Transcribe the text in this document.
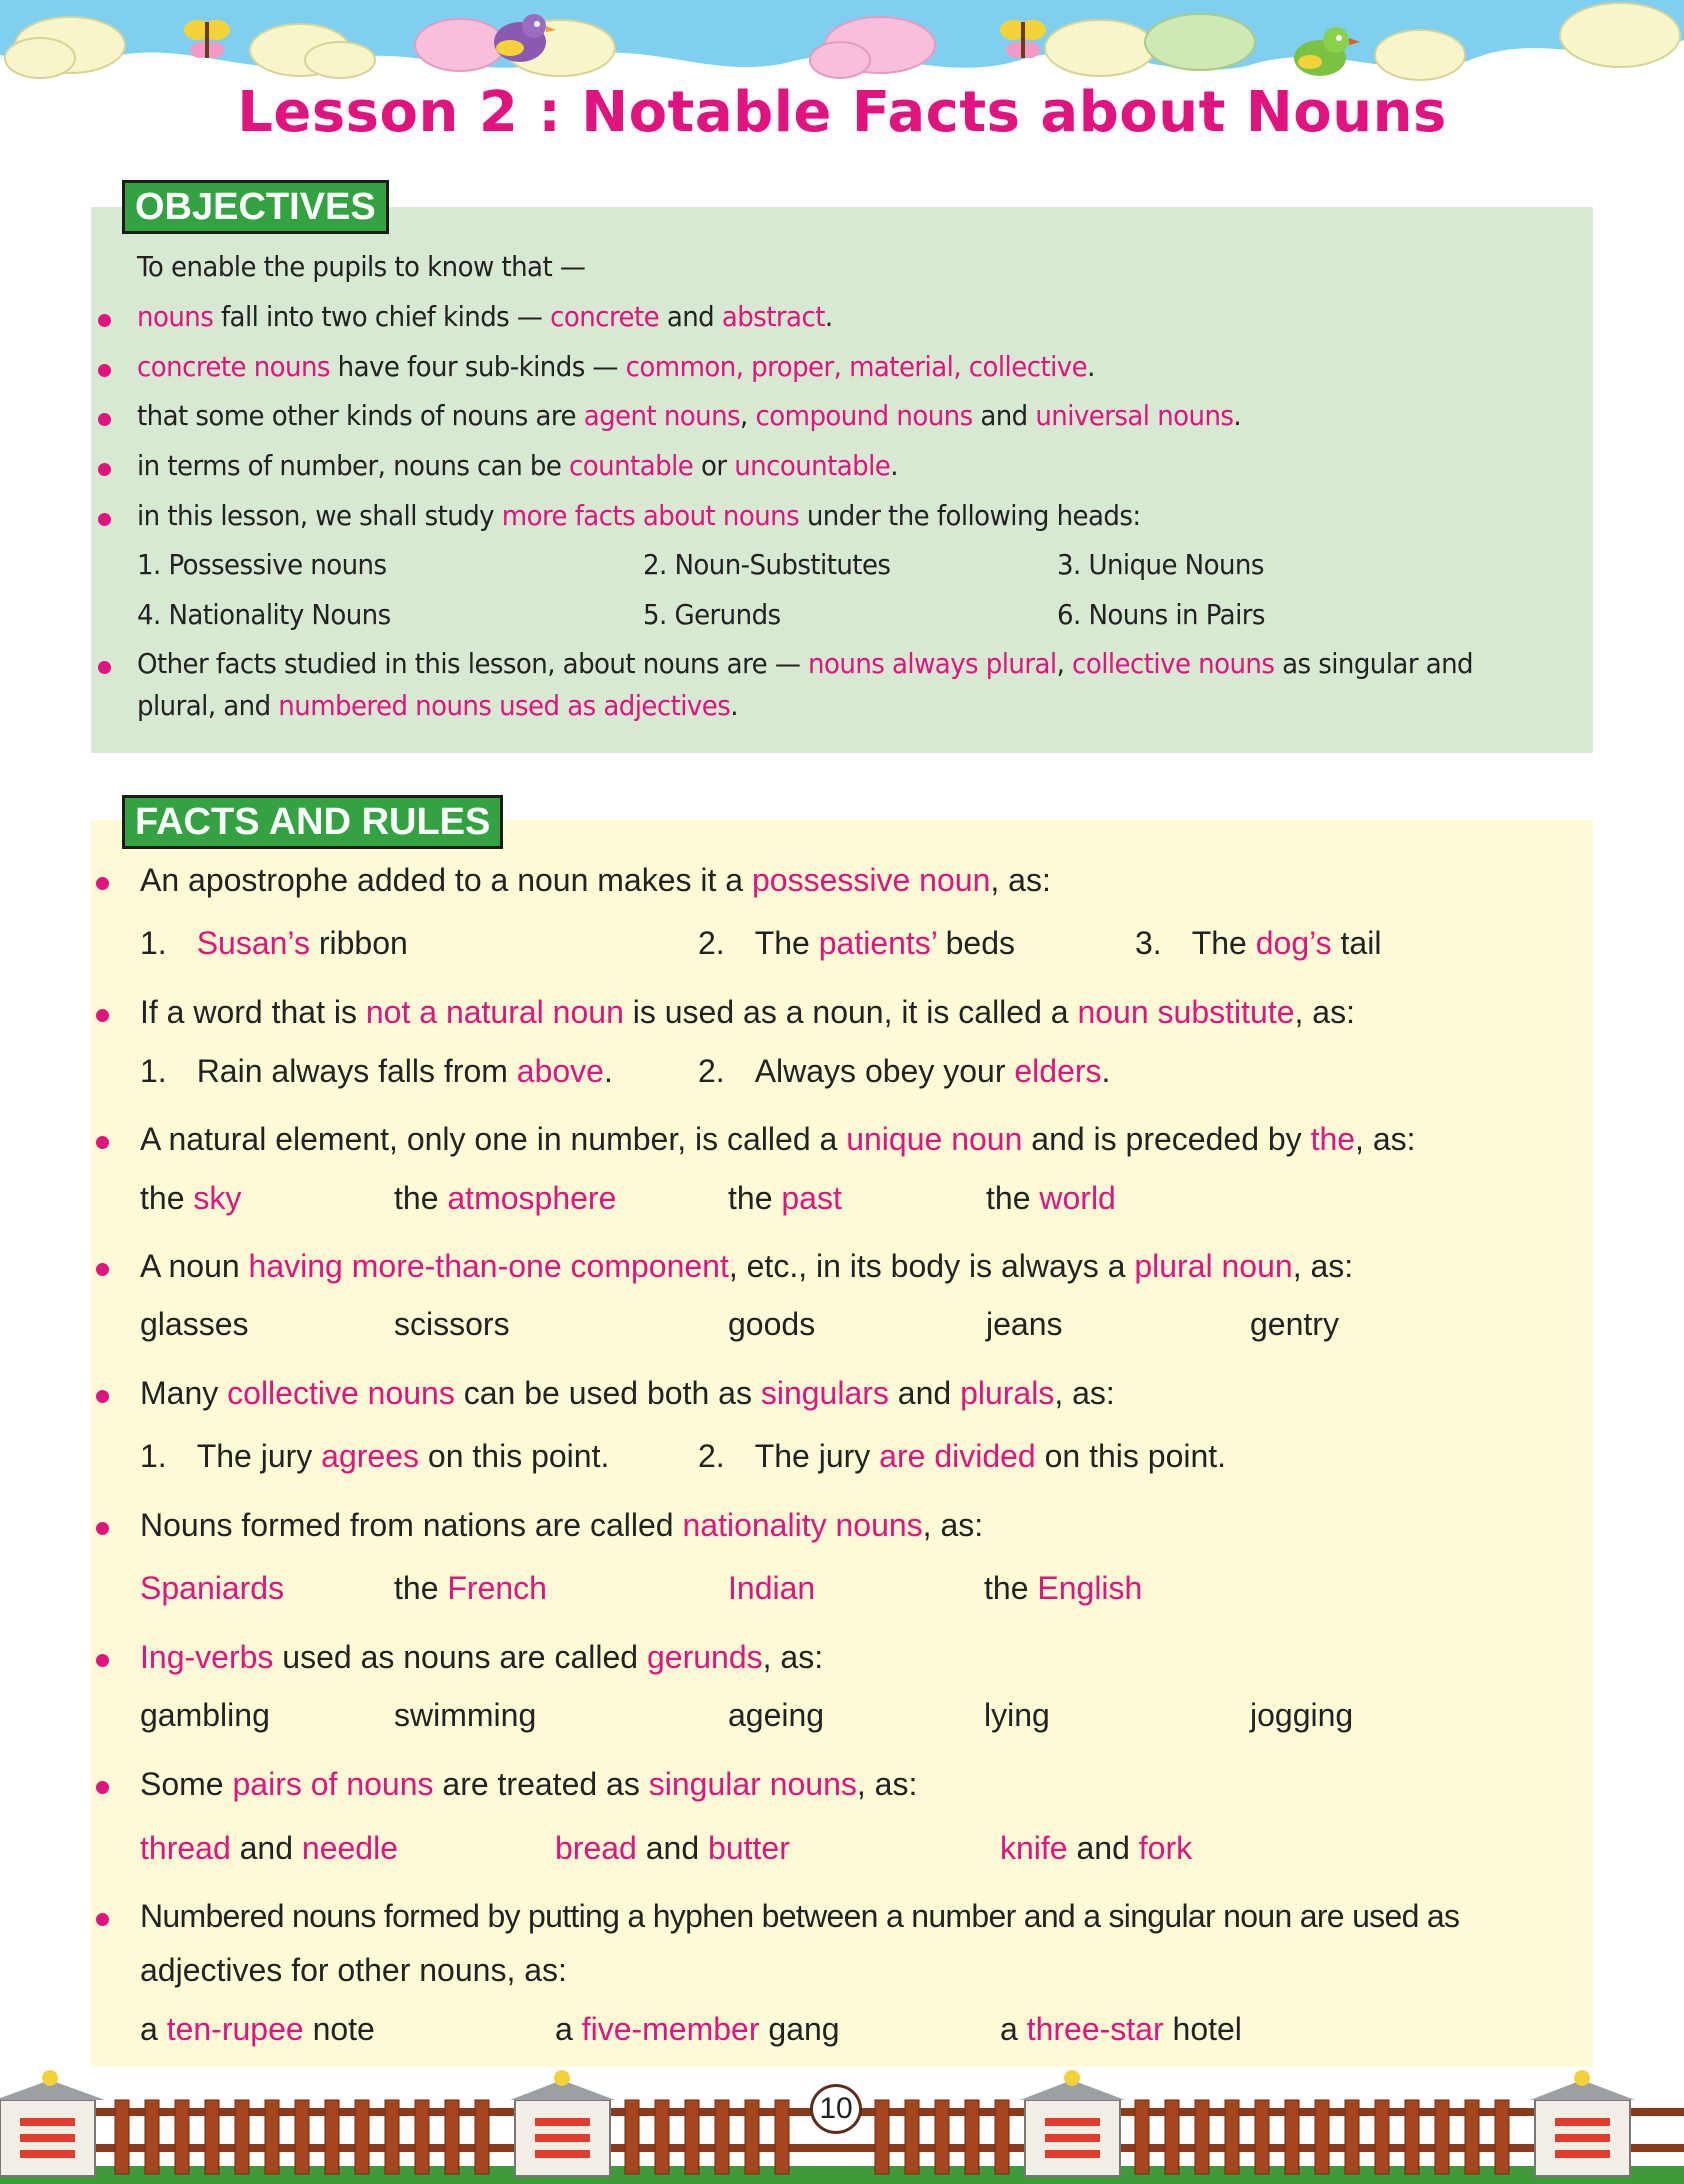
Lesson 2 : Notable Facts about Nouns
OBJECTIVES

To enable the pupils to know that —

nouns fall into two chief kinds — concrete and abstract.

concrete nouns have four sub-kinds — common, proper, material, collective.

that some other kinds of nouns are agent nouns, compound nouns and universal nouns.

in terms of number, nouns can be countable or uncountable.

in this lesson, we shall study more facts about nouns under the following heads:

1. Possessive nouns	2. Noun-Substitutes	3. Unique Nouns

4. Nationality Nouns	5. Gerunds	6. Nouns in Pairs

Other facts studied in this lesson, about nouns are — nouns always plural, collective nouns as singular and

plural, and numbered nouns used as adjectives.

FACTS AND RULES

An apostrophe added to a noun makes it a possessive noun, as:

1. Susan’s ribbon	2. The patients’ beds	3. The dog’s tail

If a word that is not a natural noun is used as a noun, it is called a noun substitute, as:

1. Rain always falls from above.	2. Always obey your elders.

A natural element, only one in number, is called a unique noun and is preceded by the, as:

the sky	the atmosphere	the past	the world

A noun having more-than-one component, etc., in its body is always a plural noun, as:

glasses	scissors	goods	jeans	gentry

Many collective nouns can be used both as singulars and plurals, as:

1. The jury agrees on this point.	2. The jury are divided on this point.

Nouns formed from nations are called nationality nouns, as:

Spaniards	the French	Indian	the English

Ing-verbs used as nouns are called gerunds, as:

gambling	swimming	ageing	lying	jogging

Some pairs of nouns are treated as singular nouns, as:

thread and needle	bread and butter	knife and fork

Numbered nouns formed by putting a hyphen between a number and a singular noun are used as

adjectives for other nouns, as:

a ten-rupee note	a five-member gang	a three-star hotel

10
